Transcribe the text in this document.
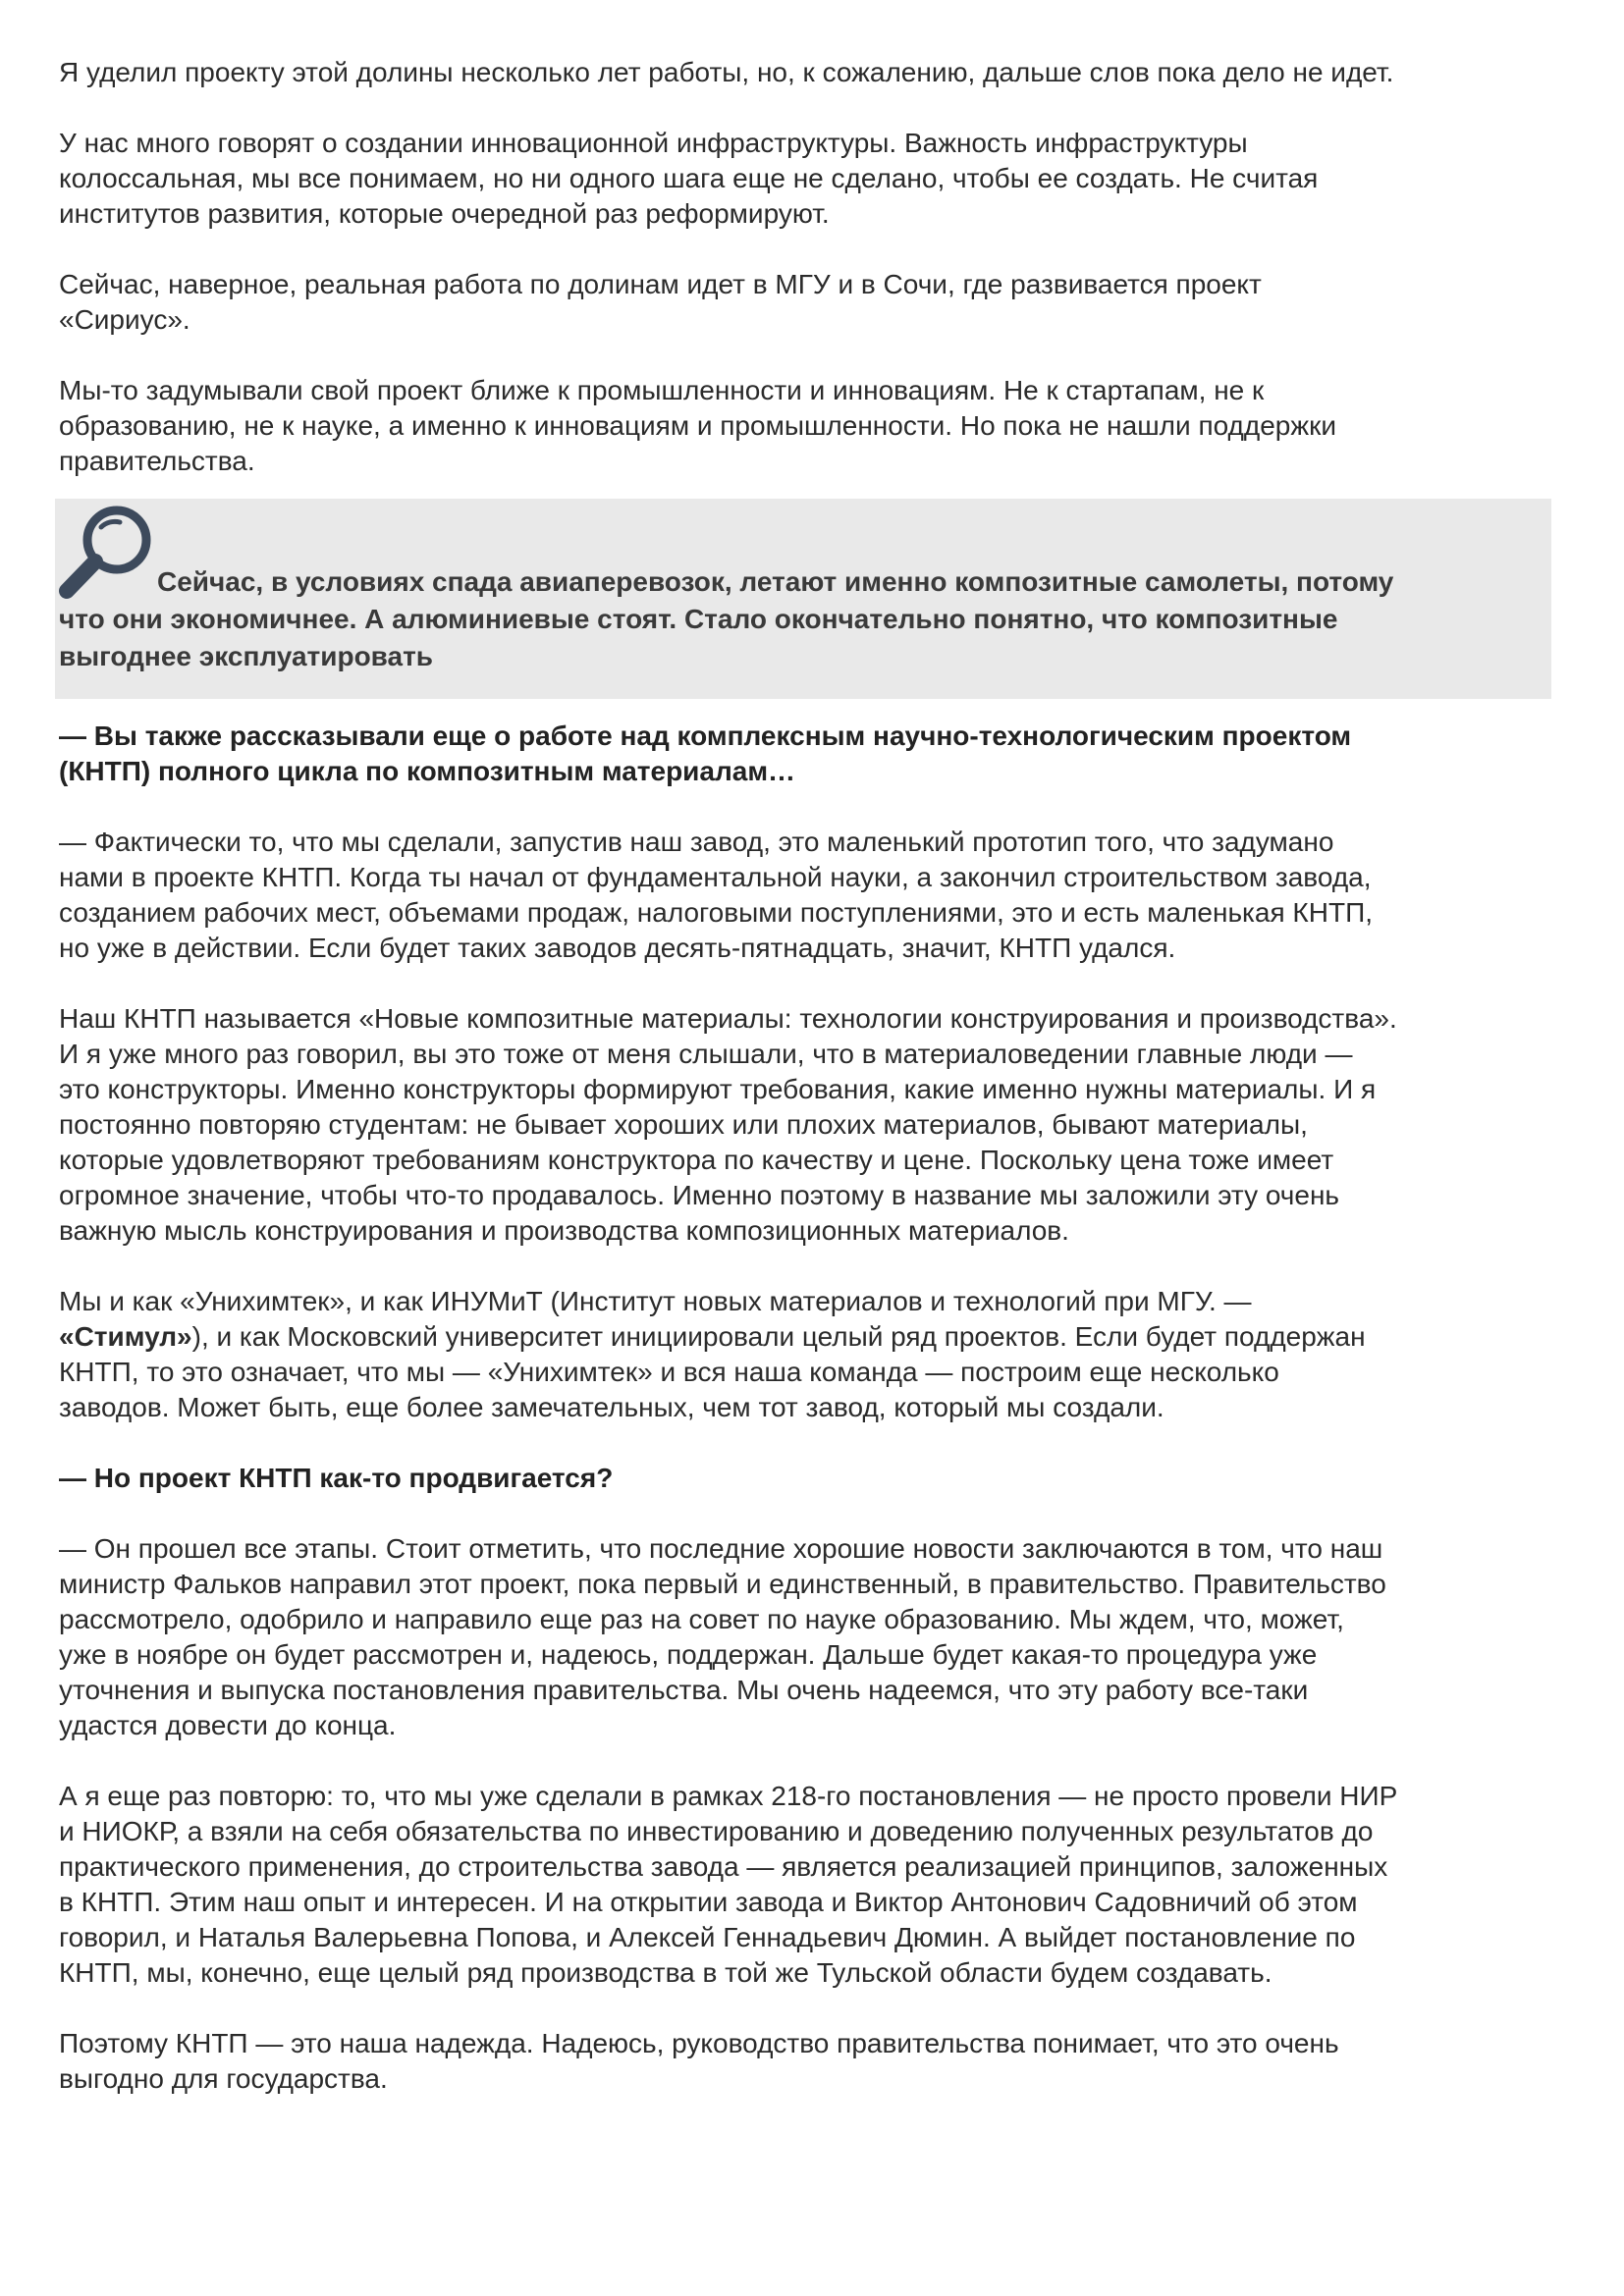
Я уделил проекту этой долины несколько лет работы, но, к сожалению, дальше слов пока дело не идет.

У нас много говорят о создании инновационной инфраструктуры. Важность инфраструктуры
колоссальная, мы все понимаем, но ни одного шага еще не сделано, чтобы ее создать. Не считая
институтов развития, которые очередной раз реформируют.

Сейчас, наверное, реальная работа по долинам идет в МГУ и в Сочи, где развивается проект
«Сириус».

Мы-то задумывали свой проект ближе к промышленности и инновациям. Не к стартапам, не к
образованию, не к науке, а именно к инновациям и промышленности. Но пока не нашли поддержки
правительства.

Сейчас, в условиях спада авиаперевозок, летают именно композитные самолеты, потому
что они экономичнее. А алюминиевые стоят. Стало окончательно понятно, что композитные
выгоднее эксплуатировать

— Вы также рассказывали еще о работе над комплексным научно-технологическим проектом
(КНТП) полного цикла по композитным материалам…

— Фактически то, что мы сделали, запустив наш завод, это маленький прототип того, что задумано
нами в проекте КНТП. Когда ты начал от фундаментальной науки, а закончил строительством завода,
созданием рабочих мест, объемами продаж, налоговыми поступлениями, это и есть маленькая КНТП,
но уже в действии. Если будет таких заводов десять-пятнадцать, значит, КНТП удался.

Наш КНТП называется «Новые композитные материалы: технологии конструирования и производства».
И я уже много раз говорил, вы это тоже от меня слышали, что в материаловедении главные люди —
это конструкторы. Именно конструкторы формируют требования, какие именно нужны материалы. И я
постоянно повторяю студентам: не бывает хороших или плохих материалов, бывают материалы,
которые удовлетворяют требованиям конструктора по качеству и цене. Поскольку цена тоже имеет
огромное значение, чтобы что-то продавалось. Именно поэтому в название мы заложили эту очень
важную мысль конструирования и производства композиционных материалов.

Мы и как «Унихимтек», и как ИНУМиТ (Институт новых материалов и технологий при МГУ. —
«Стимул»), и как Московский университет инициировали целый ряд проектов. Если будет поддержан
КНТП, то это означает, что мы — «Унихимтек» и вся наша команда — построим еще несколько
заводов. Может быть, еще более замечательных, чем тот завод, который мы создали.

— Но проект КНТП как-то продвигается?

— Он прошел все этапы. Стоит отметить, что последние хорошие новости заключаются в том, что наш
министр Фальков направил этот проект, пока первый и единственный, в правительство. Правительство
рассмотрело, одобрило и направило еще раз на совет по науке образованию. Мы ждем, что, может,
уже в ноябре он будет рассмотрен и, надеюсь, поддержан. Дальше будет какая-то процедура уже
уточнения и выпуска постановления правительства. Мы очень надеемся, что эту работу все-таки
удастся довести до конца.

А я еще раз повторю: то, что мы уже сделали в рамках 218-го постановления — не просто провели НИР
и НИОКР, а взяли на себя обязательства по инвестированию и доведению полученных результатов до
практического применения, до строительства завода — является реализацией принципов, заложенных
в КНТП. Этим наш опыт и интересен. И на открытии завода и Виктор Антонович Садовничий об этом
говорил, и Наталья Валерьевна Попова, и Алексей Геннадьевич Дюмин. А выйдет постановление по
КНТП, мы, конечно, еще целый ряд производства в той же Тульской области будем создавать.

Поэтому КНТП — это наша надежда. Надеюсь, руководство правительства понимает, что это очень
выгодно для государства.
